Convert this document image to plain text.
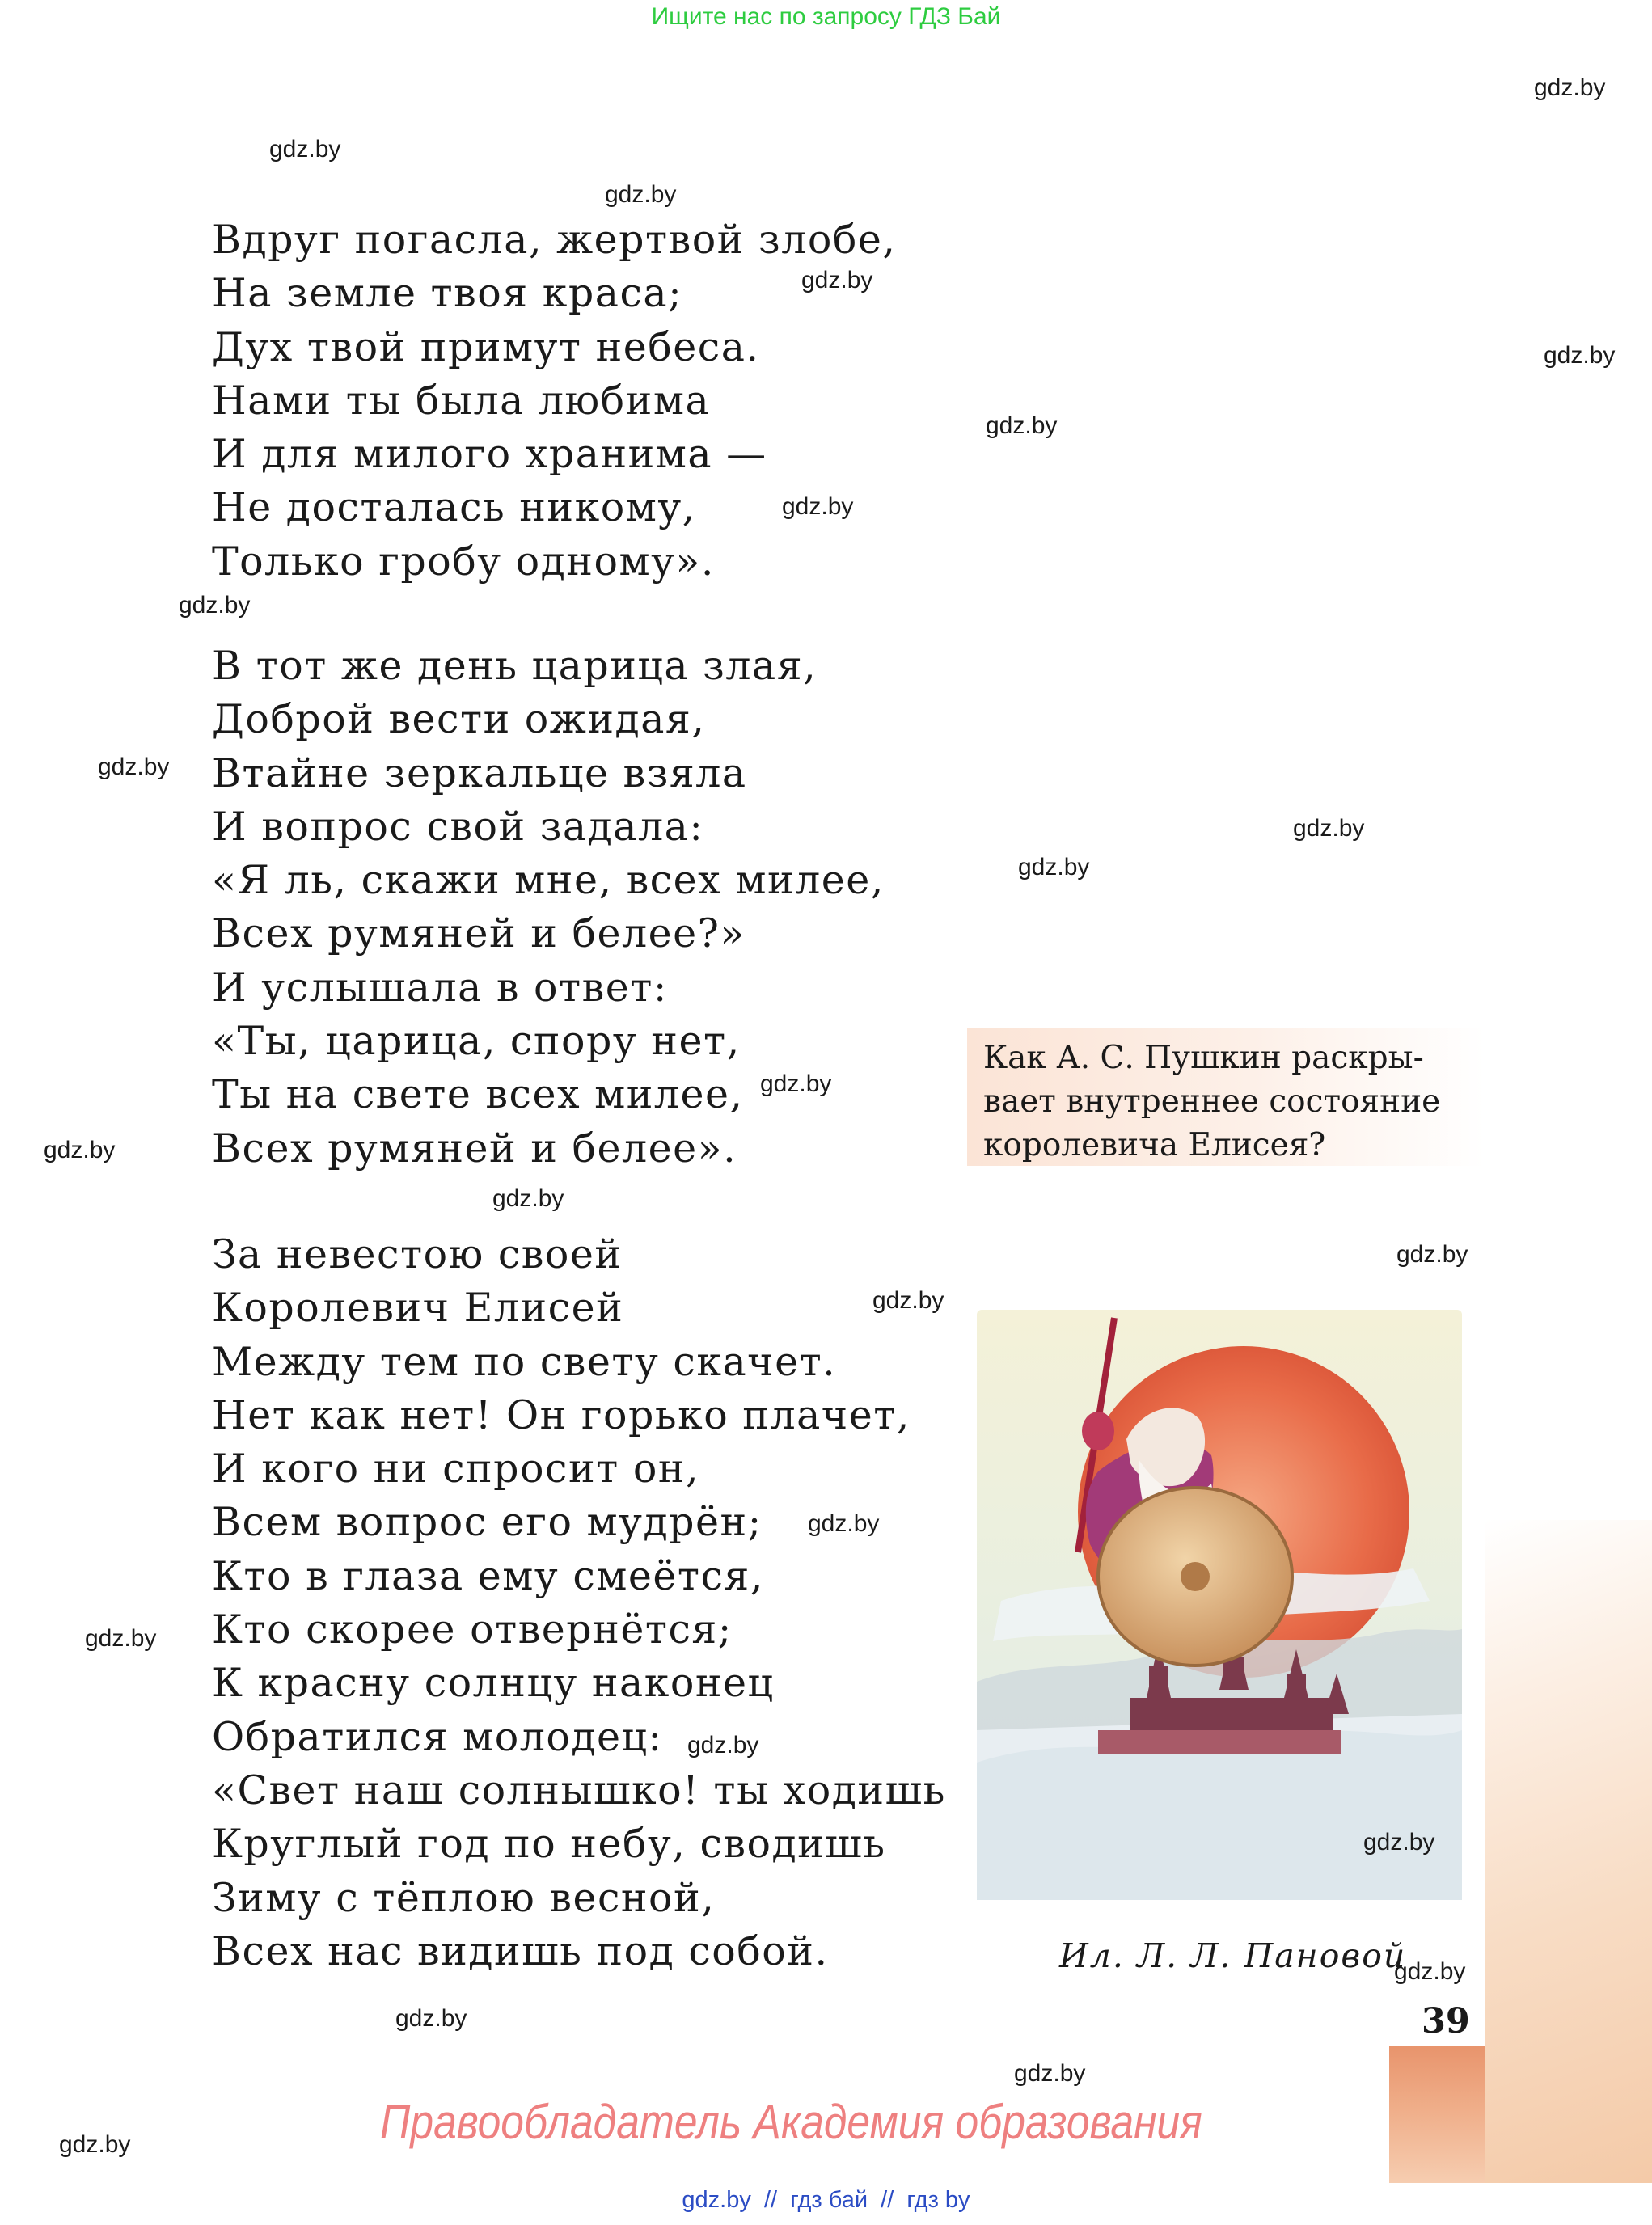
Ищите нас по запросу ГДЗ Бай
Вдруг погасла, жертвой злобе,
На земле твоя краса;
Дух твой примут небеса.
Нами ты была любима
И для милого хранима —
Не досталась никому,
Только гробу одному».
В тот же день царица злая,
Доброй вести ожидая,
Втайне зеркальце взяла
И вопрос свой задала:
«Я ль, скажи мне, всех милее,
Всех румяней и белее?»
И услышала в ответ:
«Ты, царица, спору нет,
Ты на свете всех милее,
Всех румяней и белее».
За невестою своей
Королевич Елисей
Между тем по свету скачет.
Нет как нет! Он горько плачет,
И кого ни спросит он,
Всем вопрос его мудрён;
Кто в глаза ему смеётся,
Кто скорее отвернётся;
К красну солнцу наконец
Обратился молодец:
«Свет наш солнышко! ты ходишь
Круглый год по небу, сводишь
Зиму с тёплою весной,
Всех нас видишь под собой.

Как А. С. Пушкин раскры-
вает внутреннее состояние
королевича Елисея?

Ил. Л. Л. Пановой
39
Правообладатель Академия образования
gdz.by  //  гдз бай  //  гдз by
gdz.by
gdz.by
gdz.by
gdz.by
gdz.by
gdz.by
gdz.by
gdz.by
gdz.by
gdz.by
gdz.by
gdz.by
gdz.by
gdz.by
gdz.by
gdz.by
gdz.by
gdz.by
gdz.by
gdz.by
gdz.by
gdz.by
gdz.by
gdz.by
